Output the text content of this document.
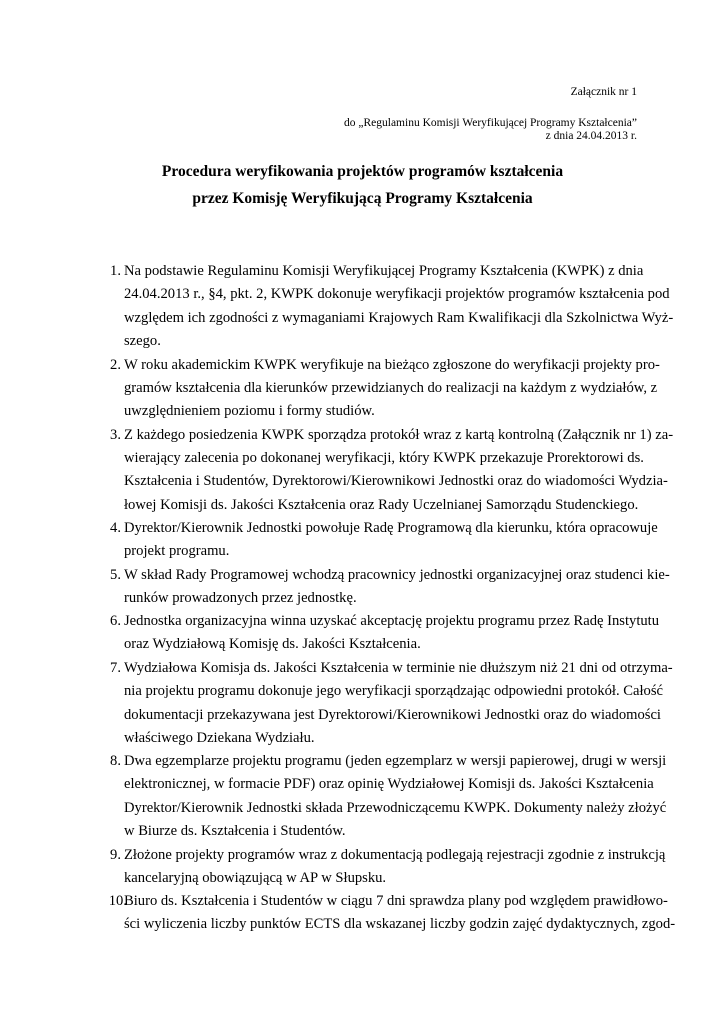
Załącznik nr 1
do „Regulaminu Komisji Weryfikującej Programy Kształcenia”
z dnia 24.04.2013 r.
Procedura weryfikowania projektów programów kształcenia
przez Komisję Weryfikującą Programy Kształcenia
1. Na podstawie Regulaminu Komisji Weryfikującej Programy Kształcenia (KWPK) z dnia
24.04.2013 r., §4, pkt. 2, KWPK dokonuje weryfikacji projektów programów kształcenia pod
względem ich zgodności z wymaganiami Krajowych Ram Kwalifikacji dla Szkolnictwa Wyż-
szego.
2. W roku akademickim KWPK weryfikuje na bieżąco zgłoszone do weryfikacji projekty pro-
gramów kształcenia dla kierunków przewidzianych do realizacji na każdym z wydziałów, z
uwzględnieniem poziomu i formy studiów.
3. Z każdego posiedzenia KWPK sporządza protokół wraz z kartą kontrolną (Załącznik nr 1) za-
wierający zalecenia po dokonanej weryfikacji, który KWPK przekazuje Prorektorowi ds.
Kształcenia i Studentów, Dyrektorowi/Kierownikowi Jednostki oraz do wiadomości Wydzia-
łowej Komisji ds. Jakości Kształcenia oraz Rady Uczelnianej Samorządu Studenckiego.
4. Dyrektor/Kierownik Jednostki powołuje Radę Programową dla kierunku, która opracowuje
projekt programu.
5. W skład Rady Programowej wchodzą pracownicy jednostki organizacyjnej oraz studenci kie-
runków prowadzonych przez jednostkę.
6. Jednostka organizacyjna winna uzyskać akceptację projektu programu przez Radę Instytutu
oraz Wydziałową Komisję ds. Jakości Kształcenia.
7. Wydziałowa Komisja ds. Jakości Kształcenia w terminie nie dłuższym niż 21 dni od otrzyma-
nia projektu programu dokonuje jego weryfikacji sporządzając odpowiedni protokół. Całość
dokumentacji przekazywana jest Dyrektorowi/Kierownikowi Jednostki oraz do wiadomości
właściwego Dziekana Wydziału.
8. Dwa egzemplarze projektu programu (jeden egzemplarz w wersji papierowej, drugi w wersji
elektronicznej, w formacie PDF) oraz opinię Wydziałowej Komisji ds. Jakości Kształcenia
Dyrektor/Kierownik Jednostki składa Przewodniczącemu KWPK. Dokumenty należy złożyć
w Biurze ds. Kształcenia i Studentów.
9. Złożone projekty programów wraz z dokumentacją podlegają rejestracji zgodnie z instrukcją
kancelaryjną obowiązującą w AP w Słupsku.
10.
Biuro ds. Kształcenia i Studentów w ciągu 7 dni sprawdza plany pod względem prawidłowo-
ści wyliczenia liczby punktów ECTS dla wskazanej liczby godzin zajęć dydaktycznych, zgod-
